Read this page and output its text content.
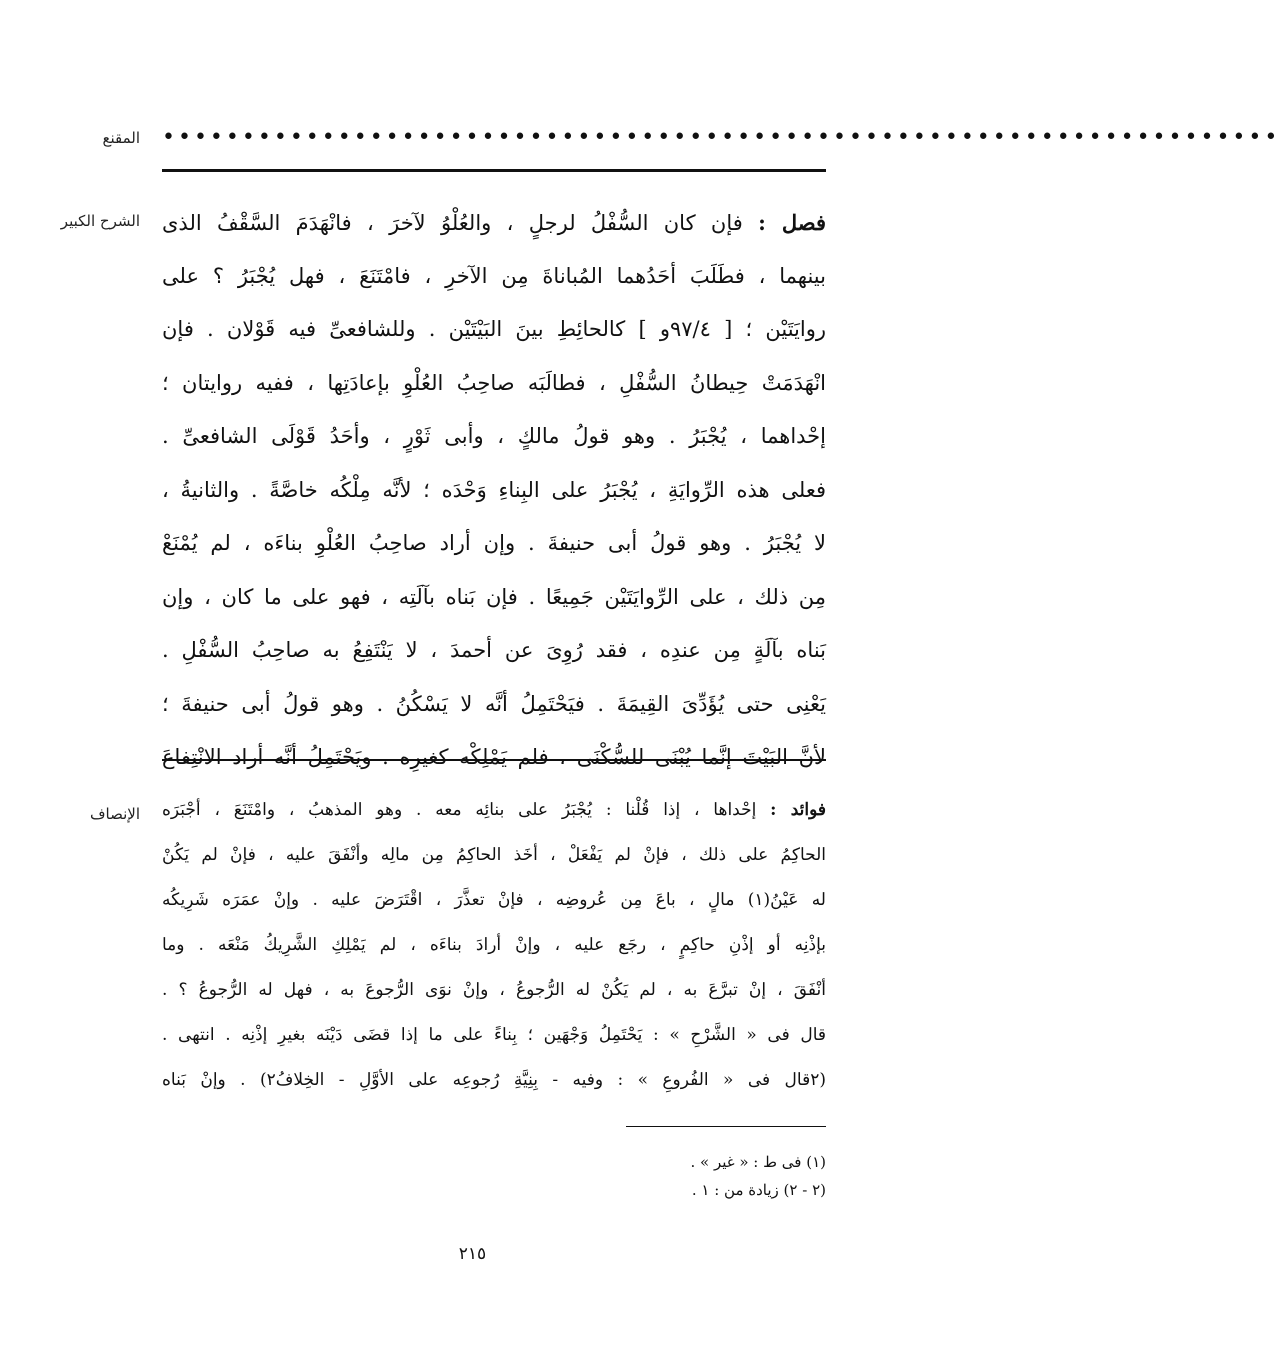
المقنع ••••••••••••••••••••••••••••••••••••••••••••••••••••••••••••••••••••••
الشرح الكبير	فصل : فإن كان السُّفْلُ لرجلٍ ، والعُلْوُ لآخرَ ، فانْهَدَمَ السَّقْفُ الذى
بينهما ، فطَلَبَ أحَدُهما المُباناةَ مِن الآخرِ ، فامْتَنَعَ ، فهل يُجْبَرُ ؟ على
روايَتَيْن ؛ [ ٩٧/٤و ] كالحائِطِ بينَ البَيْتَيْن . وللشافعىِّ فيه قَوْلان . فإن
انْهَدَمَتْ حِيطانُ السُّفْلِ ، فطالَبَه صاحِبُ العُلْوِ بإعادَتِها ، ففيه روايتان ؛
إحْداهما ، يُجْبَرُ . وهو قولُ مالكٍ ، وأبى ثَوْرٍ ، وأحَدُ قَوْلَى الشافعىِّ .
فعلى هذه الرِّوايَةِ ، يُجْبَرُ على البِناءِ وَحْدَه ؛ لأنَّه مِلْكُه خاصَّةً . والثانيةُ ،
لا يُجْبَرُ . وهو قولُ أبى حنيفةَ . وإن أراد صاحِبُ العُلْوِ بناءَه ، لم يُمْنَعْ
مِن ذلك ، على الرِّوايَتَيْن جَمِيعًا . فإن بَناه بآلَتِه ، فهو على ما كان ، وإن
بَناه بآلَةٍ مِن عندِه ، فقد رُوِىَ عن أحمدَ ، لا يَنْتَفِعُ به صاحِبُ السُّفْلِ .
يَعْنِى حتى يُؤَدِّىَ القِيمَةَ . فيَحْتَمِلُ أنَّه لا يَسْكُنُ . وهو قولُ أبى حنيفةَ ؛
لأنَّ البَيْتَ إنَّما يُبْنَى للسُّكْنَى ، فلم يَمْلِكْه كغيرِه . ويَحْتَمِلُ أنَّه أراد الانْتِفاعَ
الإنصاف	فوائد : إحْداها ، إذا قُلْنا : يُجْبَرُ على بنائِه معه . وهو المذهبُ ، وامْتَنَعَ ، أجْبَرَه
الحاكِمُ على ذلك ، فإنْ لم يَفْعَلْ ، أخَذ الحاكِمُ مِن مالِه وأنْفَقَ عليه ، فإنْ لم يَكُنْ
له عَيْنُ(١) مالٍ ، باعَ مِن عُروضِه ، فإنْ تعذَّرَ ، اقْتَرَضَ عليه . وإنْ عمَرَه شَرِيكُه
بإذْنِه أو إذْنِ حاكِمٍ ، رجَع عليه ، وإنْ أرادَ بناءَه ، لم يَمْلِكِ الشَّرِيكُ مَنْعَه . وما
أنْفَقَ ، إنْ تبرَّعَ به ، لم يَكُنْ له الرُّجوعُ ، وإنْ نوَى الرُّجوعَ به ، فهل له الرُّجوعُ ؟ .
قال فى « الشَّرْحِ » : يَحْتَمِلُ وَجْهَين ؛ بِناءً على ما إذا قضَى دَيْنَه بغيرِ إذْنِه . انتهى .
(٢قال فى « الفُروعِ » : وفيه - بِنِيَّةِ رُجوعِه على الأوَّلِ - الخِلافُ٢) . وإنْ بَناه
(١) فى ط : « غير » .
(٢ - ٢) زيادة من : ١ .
٢١٥
